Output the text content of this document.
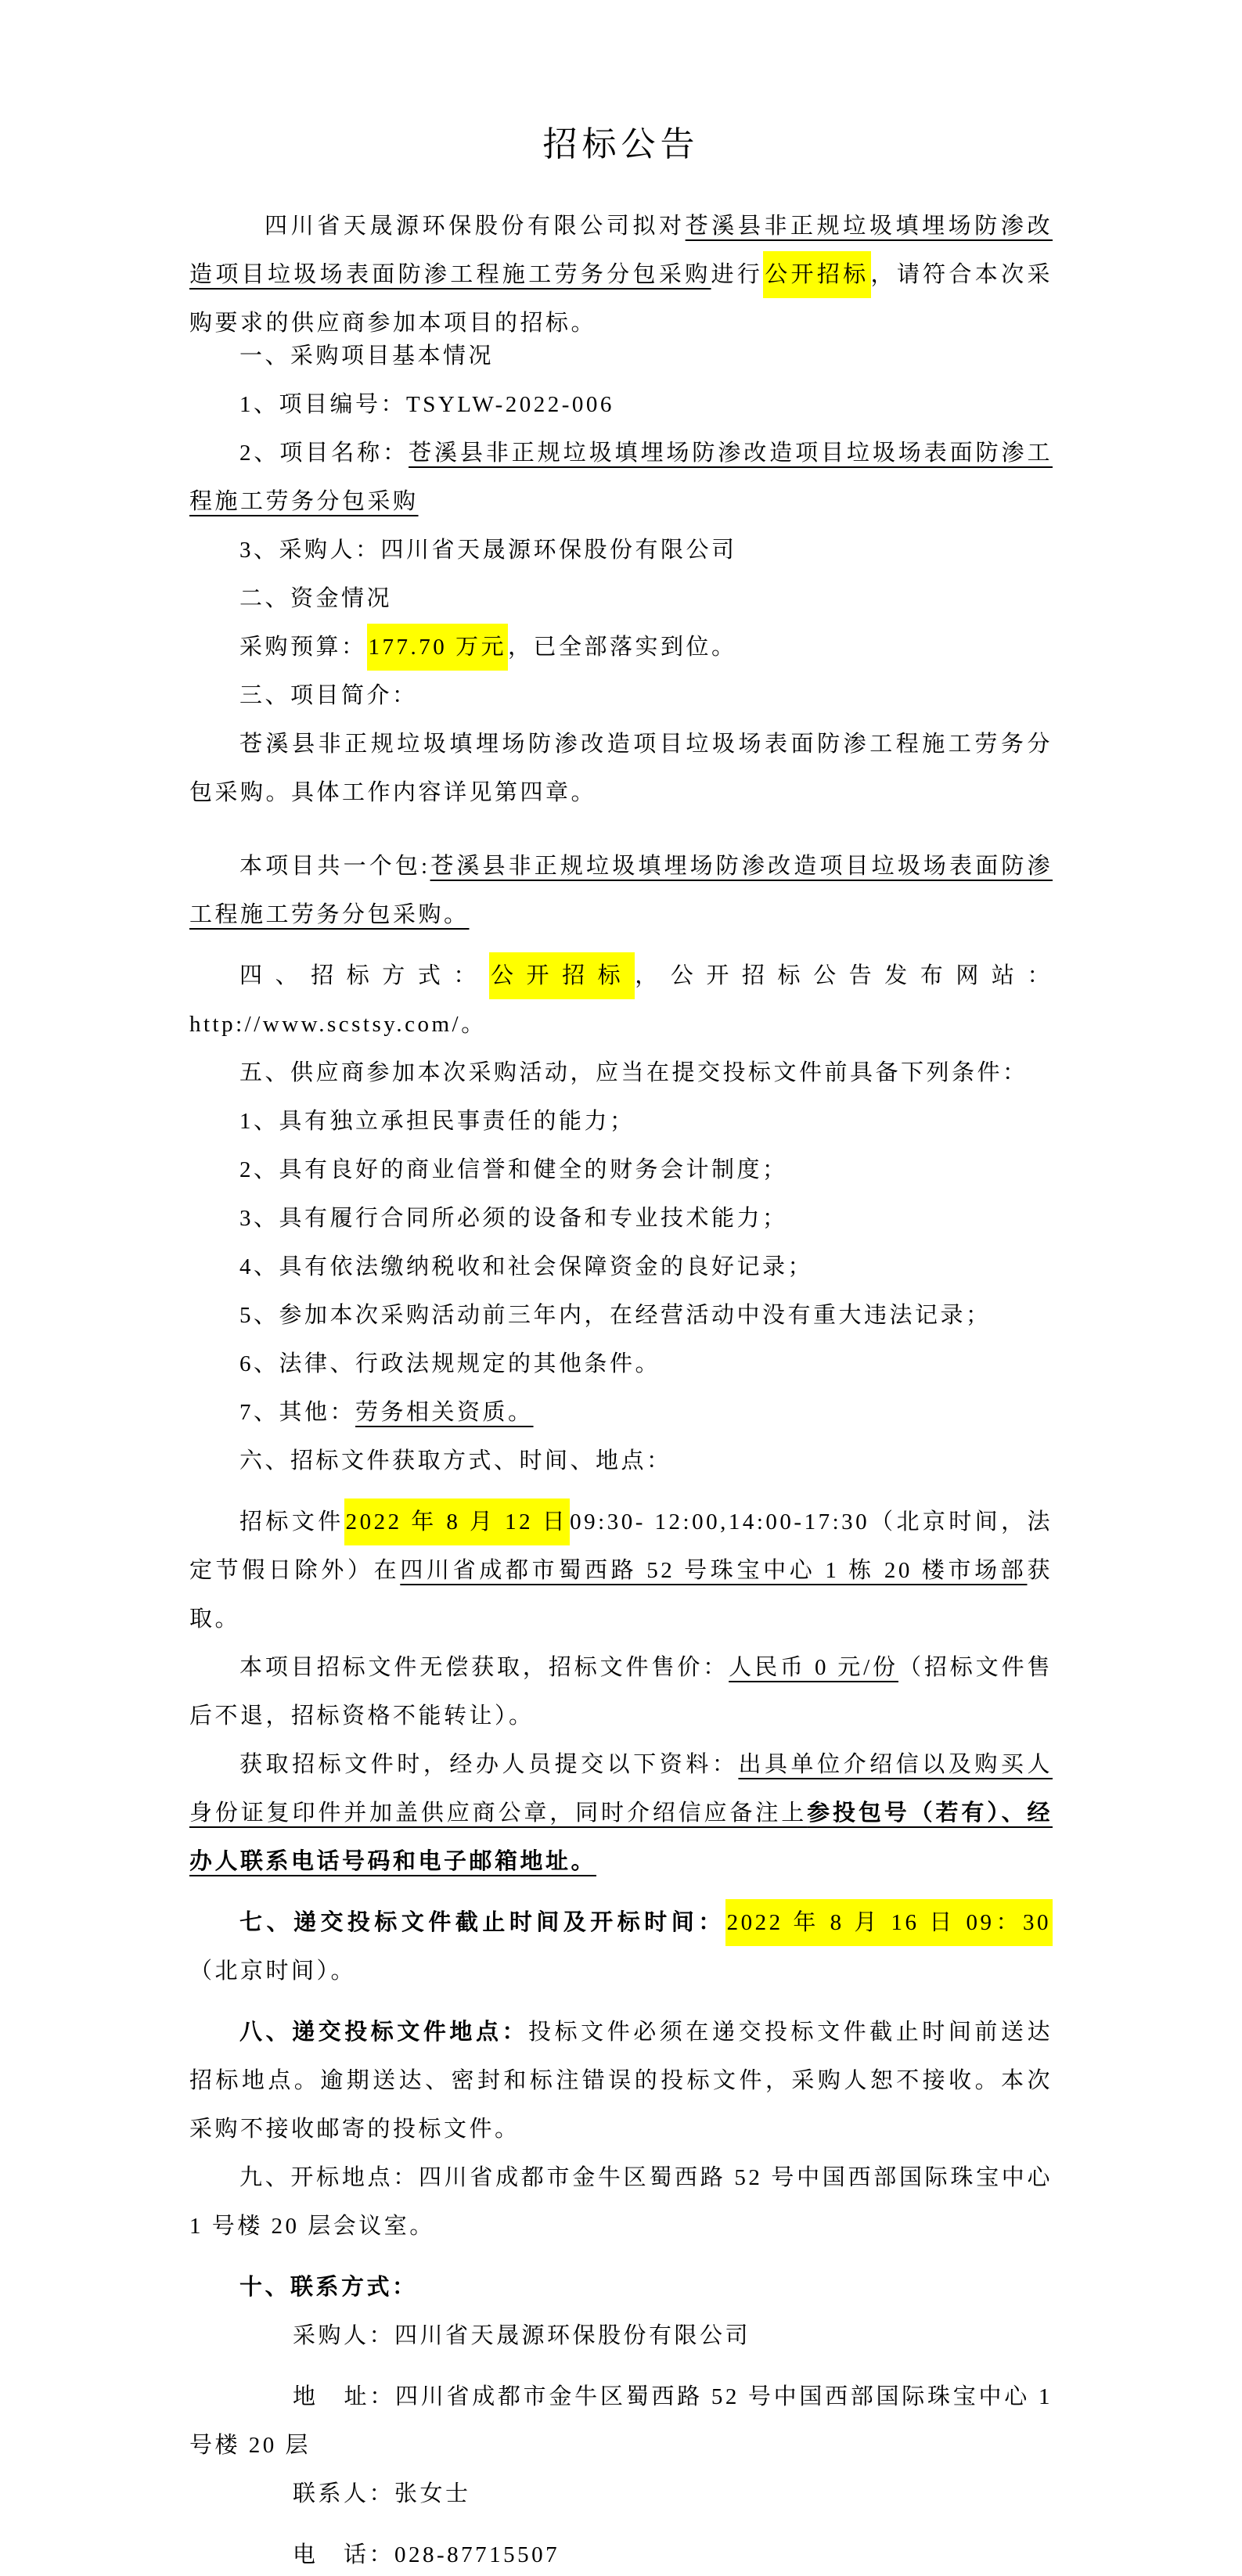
招标公告

四川省天晟源环保股份有限公司拟对苍溪县非正规垃圾填埋场防渗改造项目垃圾场表面防渗工程施工劳务分包采购进行公开招标，请符合本次采购要求的供应商参加本项目的招标。

一、采购项目基本情况

1、项目编号：TSYLW-2022-006

2、项目名称：苍溪县非正规垃圾填埋场防渗改造项目垃圾场表面防渗工程施工劳务分包采购

3、采购人：四川省天晟源环保股份有限公司

二、资金情况

采购预算：177.70 万元，已全部落实到位。

三、项目简介：

苍溪县非正规垃圾填埋场防渗改造项目垃圾场表面防渗工程施工劳务分包采购。具体工作内容详见第四章。

本项目共一个包:苍溪县非正规垃圾填埋场防渗改造项目垃圾场表面防渗工程施工劳务分包采购。

四、招标方式：公开招标，公开招标公告发布网站：http://www.scstsy.com/。

五、供应商参加本次采购活动，应当在提交投标文件前具备下列条件：

1、具有独立承担民事责任的能力；

2、具有良好的商业信誉和健全的财务会计制度；

3、具有履行合同所必须的设备和专业技术能力；

4、具有依法缴纳税收和社会保障资金的良好记录；

5、参加本次采购活动前三年内，在经营活动中没有重大违法记录；

6、法律、行政法规规定的其他条件。

7、其他：劳务相关资质。

六、招标文件获取方式、时间、地点：

招标文件2022 年 8 月 12 日09:30- 12:00,14:00-17:30（北京时间，法定节假日除外）在四川省成都市蜀西路 52 号珠宝中心 1 栋 20 楼市场部获取。

本项目招标文件无偿获取，招标文件售价：人民币 0 元/份（招标文件售后不退，招标资格不能转让）。

获取招标文件时，经办人员提交以下资料：出具单位介绍信以及购买人身份证复印件并加盖供应商公章，同时介绍信应备注上参投包号（若有）、经办人联系电话号码和电子邮箱地址。

七、递交投标文件截止时间及开标时间：2022 年 8 月 16 日 09：30（北京时间）。

八、递交投标文件地点：投标文件必须在递交投标文件截止时间前送达招标地点。逾期送达、密封和标注错误的投标文件，采购人恕不接收。本次采购不接收邮寄的投标文件。

九、开标地点：四川省成都市金牛区蜀西路 52 号中国西部国际珠宝中心 1 号楼 20 层会议室。

十、联系方式：

采购人：四川省天晟源环保股份有限公司

地　址：四川省成都市金牛区蜀西路 52 号中国西部国际珠宝中心 1 号楼 20 层

联系人：张女士

电　话：028-87715507
